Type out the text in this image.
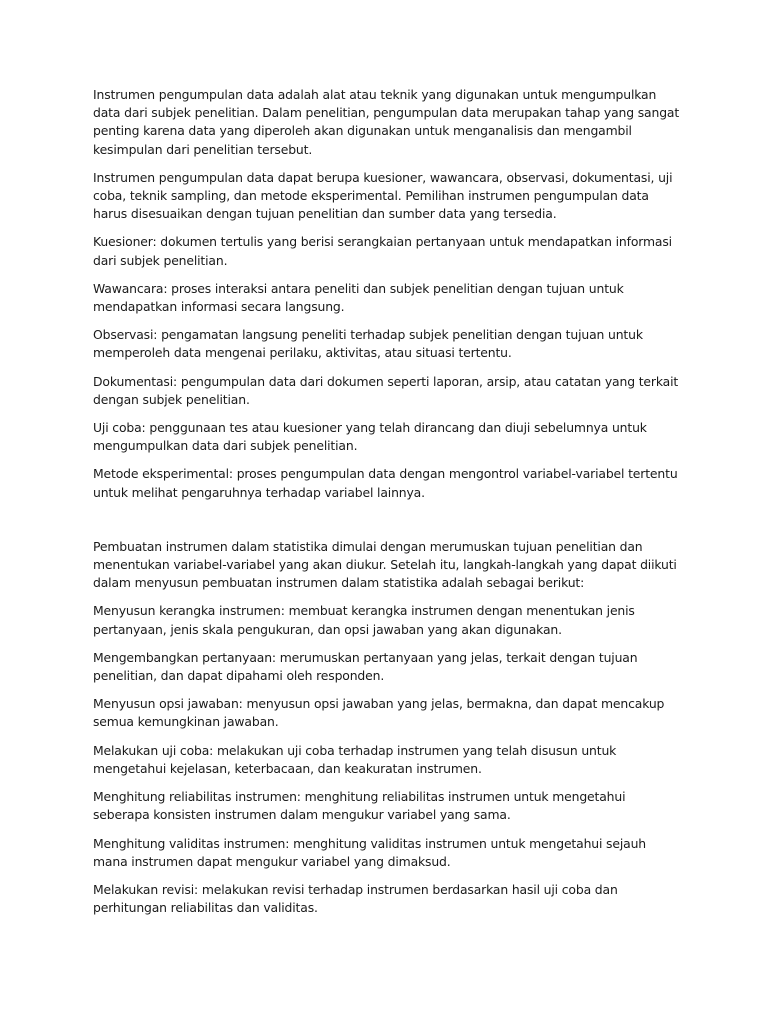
Instrumen pengumpulan data adalah alat atau teknik yang digunakan untuk mengumpulkan data dari subjek penelitian. Dalam penelitian, pengumpulan data merupakan tahap yang sangat penting karena data yang diperoleh akan digunakan untuk menganalisis dan mengambil kesimpulan dari penelitian tersebut.

Instrumen pengumpulan data dapat berupa kuesioner, wawancara, observasi, dokumentasi, uji coba, teknik sampling, dan metode eksperimental. Pemilihan instrumen pengumpulan data harus disesuaikan dengan tujuan penelitian dan sumber data yang tersedia.

Kuesioner: dokumen tertulis yang berisi serangkaian pertanyaan untuk mendapatkan informasi dari subjek penelitian.

Wawancara: proses interaksi antara peneliti dan subjek penelitian dengan tujuan untuk mendapatkan informasi secara langsung.

Observasi: pengamatan langsung peneliti terhadap subjek penelitian dengan tujuan untuk memperoleh data mengenai perilaku, aktivitas, atau situasi tertentu.

Dokumentasi: pengumpulan data dari dokumen seperti laporan, arsip, atau catatan yang terkait dengan subjek penelitian.

Uji coba: penggunaan tes atau kuesioner yang telah dirancang dan diuji sebelumnya untuk mengumpulkan data dari subjek penelitian.

Metode eksperimental: proses pengumpulan data dengan mengontrol variabel-variabel tertentu untuk melihat pengaruhnya terhadap variabel lainnya.

Pembuatan instrumen dalam statistika dimulai dengan merumuskan tujuan penelitian dan menentukan variabel-variabel yang akan diukur. Setelah itu, langkah-langkah yang dapat diikuti dalam menyusun pembuatan instrumen dalam statistika adalah sebagai berikut:

Menyusun kerangka instrumen: membuat kerangka instrumen dengan menentukan jenis pertanyaan, jenis skala pengukuran, dan opsi jawaban yang akan digunakan.

Mengembangkan pertanyaan: merumuskan pertanyaan yang jelas, terkait dengan tujuan penelitian, dan dapat dipahami oleh responden.

Menyusun opsi jawaban: menyusun opsi jawaban yang jelas, bermakna, dan dapat mencakup semua kemungkinan jawaban.

Melakukan uji coba: melakukan uji coba terhadap instrumen yang telah disusun untuk mengetahui kejelasan, keterbacaan, dan keakuratan instrumen.

Menghitung reliabilitas instrumen: menghitung reliabilitas instrumen untuk mengetahui seberapa konsisten instrumen dalam mengukur variabel yang sama.

Menghitung validitas instrumen: menghitung validitas instrumen untuk mengetahui sejauh mana instrumen dapat mengukur variabel yang dimaksud.

Melakukan revisi: melakukan revisi terhadap instrumen berdasarkan hasil uji coba dan perhitungan reliabilitas dan validitas.
